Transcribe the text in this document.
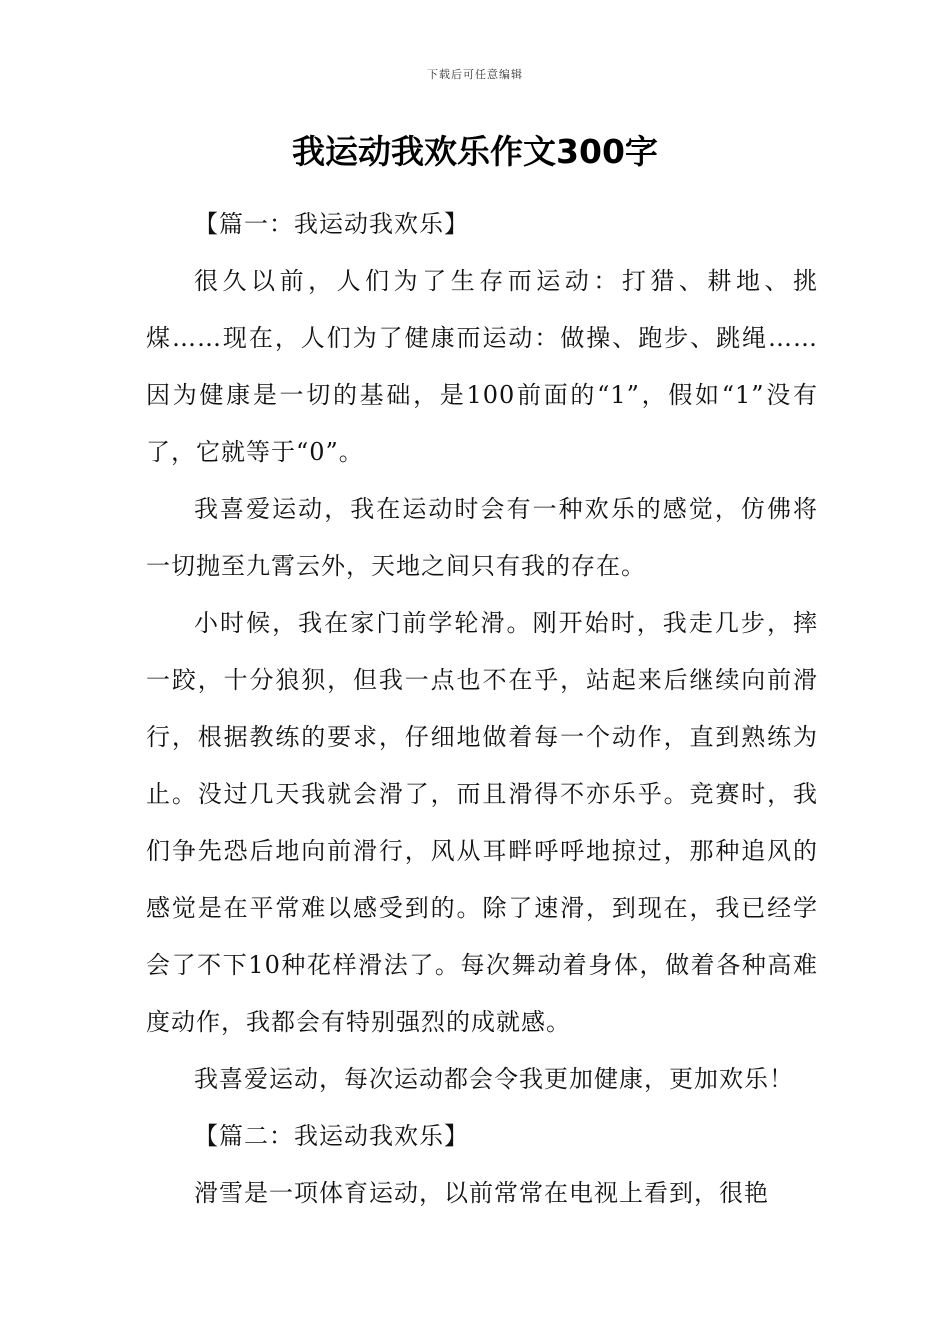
下载后可任意编辑
我运动我欢乐作文300字

【篇一：我运动我欢乐】

很久以前，人们为了生存而运动：打猎、耕地、挑煤……现在，人们为了健康而运动：做操、跑步、跳绳……因为健康是一切的基础，是100前面的“1”，假如“1”没有了，它就等于“0”。

我喜爱运动，我在运动时会有一种欢乐的感觉，仿佛将一切抛至九霄云外，天地之间只有我的存在。

小时候，我在家门前学轮滑。刚开始时，我走几步，摔一跤，十分狼狈，但我一点也不在乎，站起来后继续向前滑行，根据教练的要求，仔细地做着每一个动作，直到熟练为止。没过几天我就会滑了，而且滑得不亦乐乎。竞赛时，我们争先恐后地向前滑行，风从耳畔呼呼地掠过，那种追风的感觉是在平常难以感受到的。除了速滑，到现在，我已经学会了不下10种花样滑法了。每次舞动着身体，做着各种高难度动作，我都会有特别强烈的成就感。

我喜爱运动，每次运动都会令我更加健康，更加欢乐！

【篇二：我运动我欢乐】

滑雪是一项体育运动，以前常常在电视上看到，很艳
